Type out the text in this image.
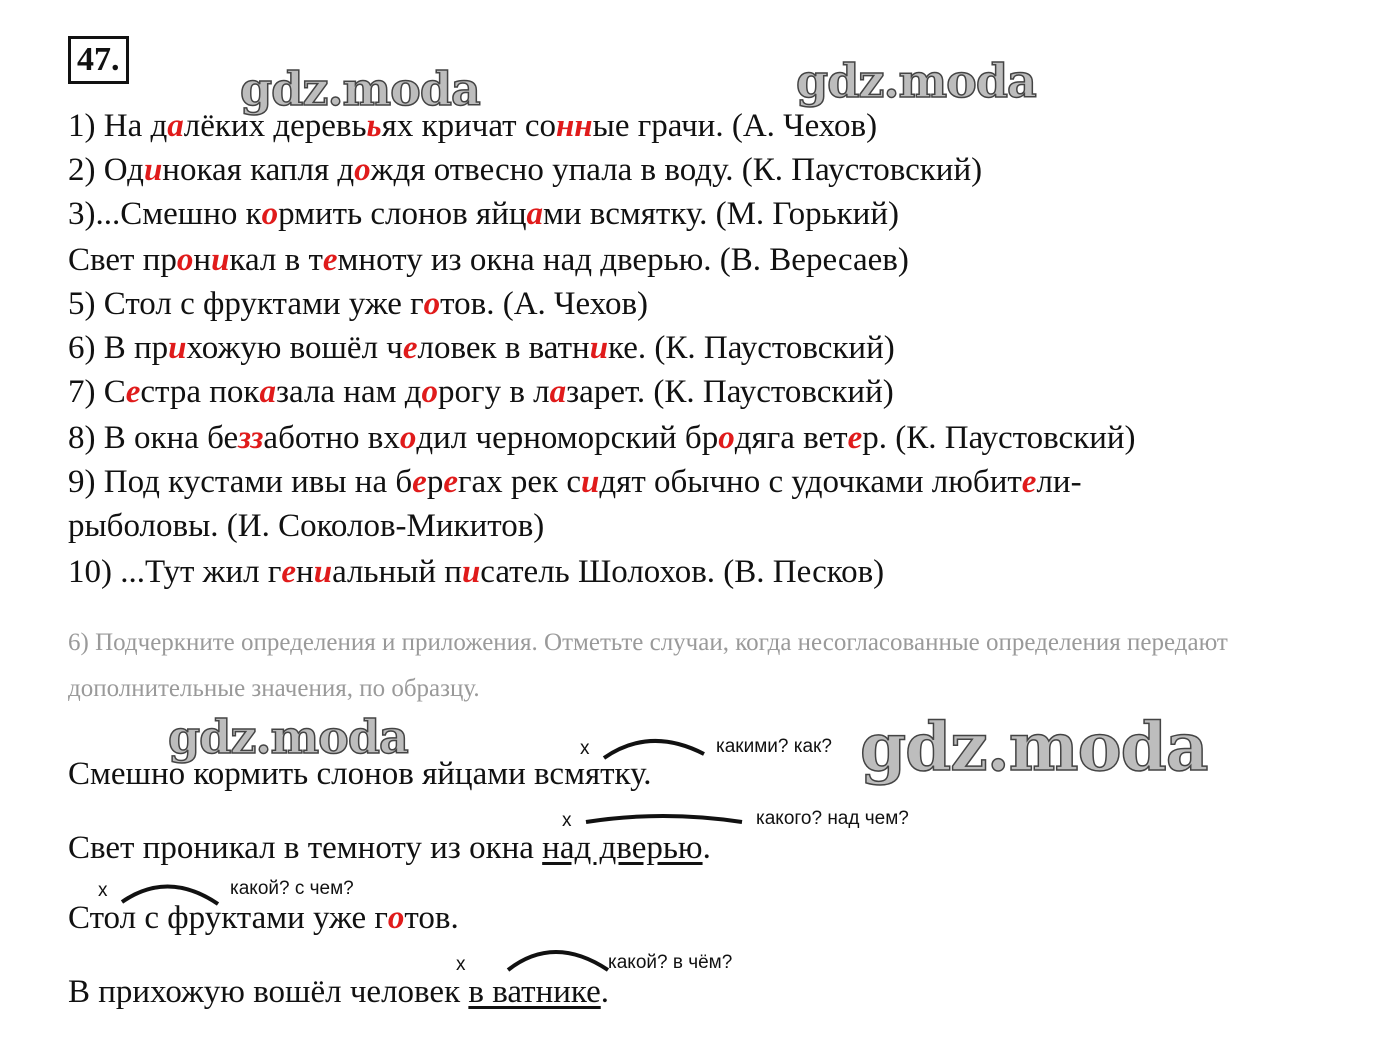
47.
gdz.moda	gdz.moda
1) На далёких деревььях кричат сонные грачи. (А. Чехов)
2) Одинокая капля дождя отвесно упала в воду. (К. Паустовский)
3)...Смешно кормить слонов яйцами всмятку. (М. Горький)
Свет проникал в темноту из окна над дверью. (В. Вересаев)
5) Стол с фруктами уже готов. (А. Чехов)
6) В прихожую вошёл человек в ватнике. (К. Паустовский)
7) Сестра показала нам дорогу в лазарет. (К. Паустовский)
8) В окна беззаботно входил черноморский бродяга ветер. (К. Паустовский)
9) Под кустами ивы на берегах рек сидят обычно с удочками любители-
рыболовы. (И. Соколов-Микитов)
10) ...Тут жил гениальный писатель Шолохов. (В. Песков)
6) Подчеркните определения и приложения. Отметьте случаи, когда несогласованные определения передают дополнительные значения, по образцу.
gdz.moda	gdz.moda
х	какими? как?
Смешно кормить слонов яйцами всмятку.
х	какого? над чем?
Свет проникал в темноту из окна над дверью.
х	какой? с чем?
Стол с фруктами уже готов.
х	какой? в чём?
В прихожую вошёл человек в ватнике.
